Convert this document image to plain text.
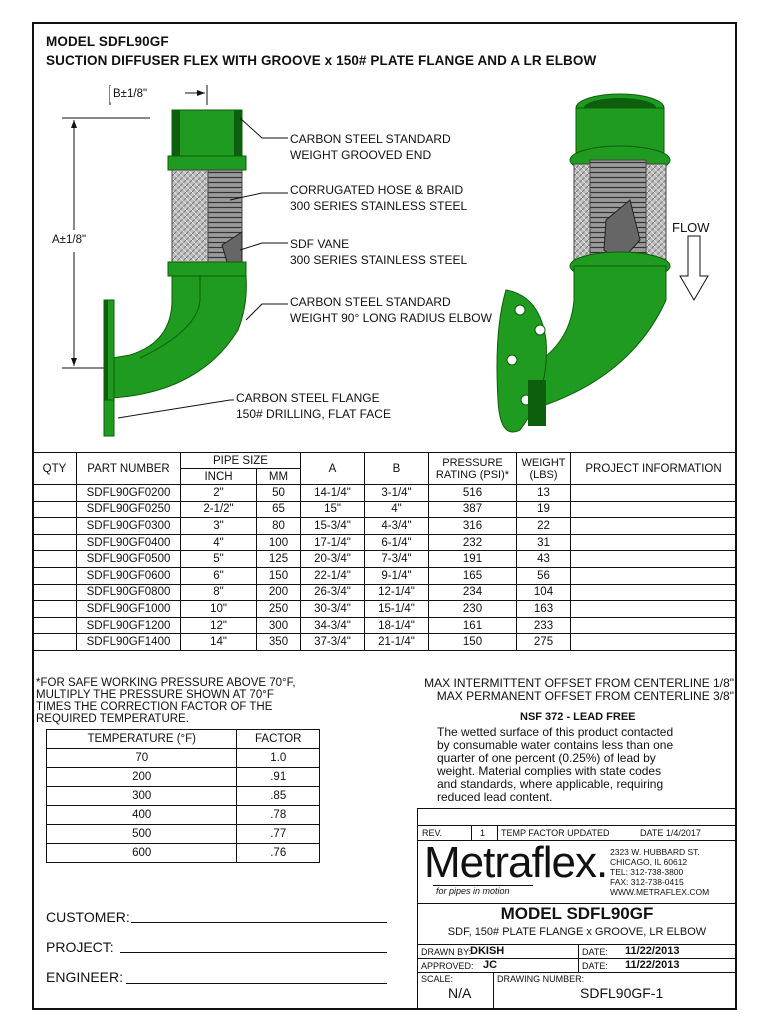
MODEL SDFL90GF
SUCTION DIFFUSER FLEX WITH GROOVE x 150# PLATE FLANGE AND A LR ELBOW
B±1/8"
A±1/8"
FLOW
CARBON STEEL STANDARD
WEIGHT GROOVED END
CORRUGATED HOSE & BRAID
300 SERIES STAINLESS STEEL
SDF VANE
300 SERIES STAINLESS STEEL
CARBON STEEL STANDARD
WEIGHT 90° LONG RADIUS ELBOW
CARBON STEEL FLANGE
150# DRILLING, FLAT FACE
QTY	PART NUMBER	PIPE SIZE		A	B	PRESSURE RATING (PSI)*	WEIGHT (LBS)	PROJECT INFORMATION
		INCH	MM					
	SDFL90GF0200	2"	50	14-1/4"	3-1/4"	516	13	
	SDFL90GF0250	2-1/2"	65	15"	4"	387	19	
	SDFL90GF0300	3"	80	15-3/4"	4-3/4"	316	22	
	SDFL90GF0400	4"	100	17-1/4"	6-1/4"	232	31	
	SDFL90GF0500	5"	125	20-3/4"	7-3/4"	191	43	
	SDFL90GF0600	6"	150	22-1/4"	9-1/4"	165	56	
	SDFL90GF0800	8"	200	26-3/4"	12-1/4"	234	104	
	SDFL90GF1000	10"	250	30-3/4"	15-1/4"	230	163	
	SDFL90GF1200	12"	300	34-3/4"	18-1/4"	161	233	
	SDFL90GF1400	14"	350	37-3/4"	21-1/4"	150	275	
*FOR SAFE WORKING PRESSURE ABOVE 70°F,
MULTIPLY THE PRESSURE SHOWN AT 70°F
TIMES THE CORRECTION FACTOR OF THE
REQUIRED TEMPERATURE.
MAX INTERMITTENT OFFSET FROM CENTERLINE 1/8"
MAX PERMANENT OFFSET FROM CENTERLINE 3/8"
NSF 372 - LEAD FREE
The wetted surface of this product contacted
by consumable water contains less than one
quarter of one percent (0.25%) of lead by
weight. Material complies with state codes
and standards, where applicable, requiring
reduced lead content.
TEMPERATURE (°F)	FACTOR
70	1.0
200	.91
300	.85
400	.78
500	.77
600	.76
CUSTOMER:
PROJECT:
ENGINEER:
REV.	1 TEMP FACTOR UPDATED	DATE 1/4/2017
Metraflex.
for pipes in motion
2323 W. HUBBARD ST.
CHICAGO, IL 60612
TEL: 312-738-3800
FAX: 312-738-0415
WWW.METRAFLEX.COM
MODEL SDFL90GF
SDF, 150# PLATE FLANGE x GROOVE, LR ELBOW
DRAWN BY:
DKISH	DATE: 11/22/2013
APPROVED: JC	DATE: 11/22/2013
SCALE:
N/A
DRAWING NUMBER:
SDFL90GF-1
